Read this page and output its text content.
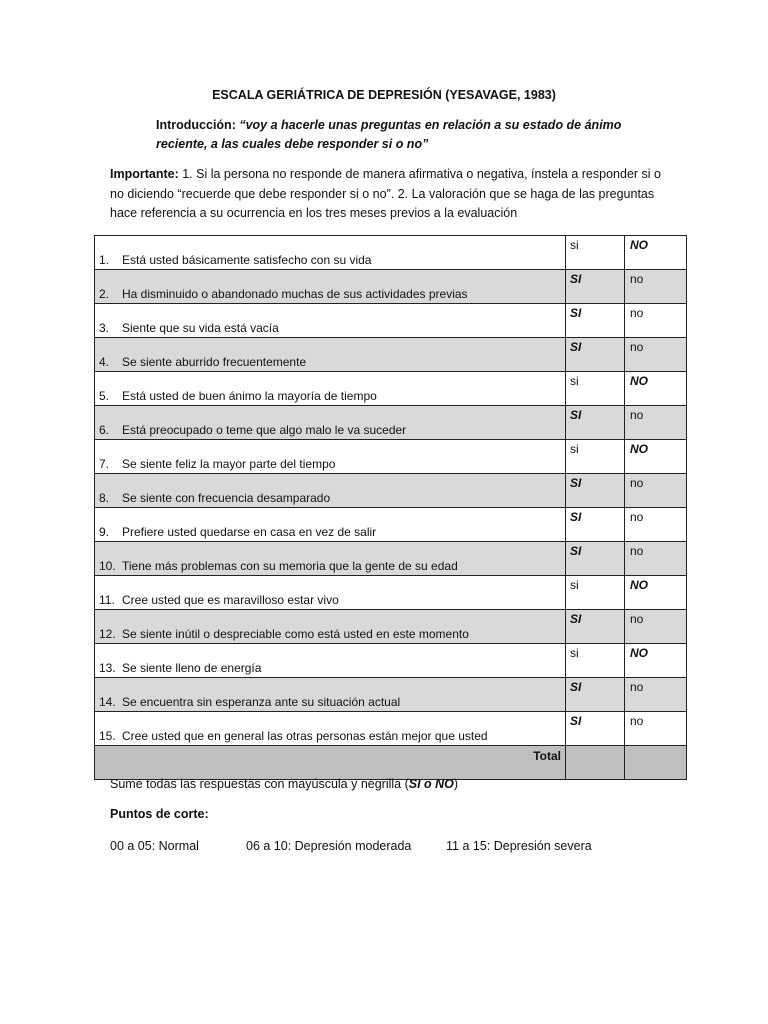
ESCALA GERIÁTRICA DE DEPRESIÓN (YESAVAGE, 1983)
Introducción: “voy a hacerle unas preguntas en relación a su estado de ánimo reciente, a las cuales debe responder si o no”
Importante: 1. Si la persona no responde de manera afirmativa o negativa, ínstela a responder si o no diciendo “recuerde que debe responder si o no”. 2. La valoración que se haga de las preguntas hace referencia a su ocurrencia en los tres meses previos a la evaluación
1. Está usted básicamente satisfecho con su vida	si	NO

2. Ha disminuido o abandonado muchas de sus actividades previas	SI	no

3. Siente que su vida está vacía	SI	no

4. Se siente aburrido frecuentemente	SI	no

5. Está usted de buen ánimo la mayoría de tiempo	si	NO

6. Está preocupado o teme que algo malo le va suceder	SI	no

7. Se siente feliz la mayor parte del tiempo	si	NO

8. Se siente con frecuencia desamparado	SI	no

9. Prefiere usted quedarse en casa en vez de salir	SI	no

10. Tiene más problemas con su memoria que la gente de su edad	SI	no

11. Cree usted que es maravilloso estar vivo	si	NO

12. Se siente inútil o despreciable como está usted en este momento	SI	no

13. Se siente lleno de energía	si	NO

14. Se encuentra sin esperanza ante su situación actual	SI	no

15. Cree usted que en general las otras personas están mejor que usted	SI	no

Total		

Sume todas las respuestas con mayúscula y negrilla (SI o NO)
Puntos de corte:
00 a 05: Normal	06 a 10: Depresión moderada	11 a 15: Depresión severa
